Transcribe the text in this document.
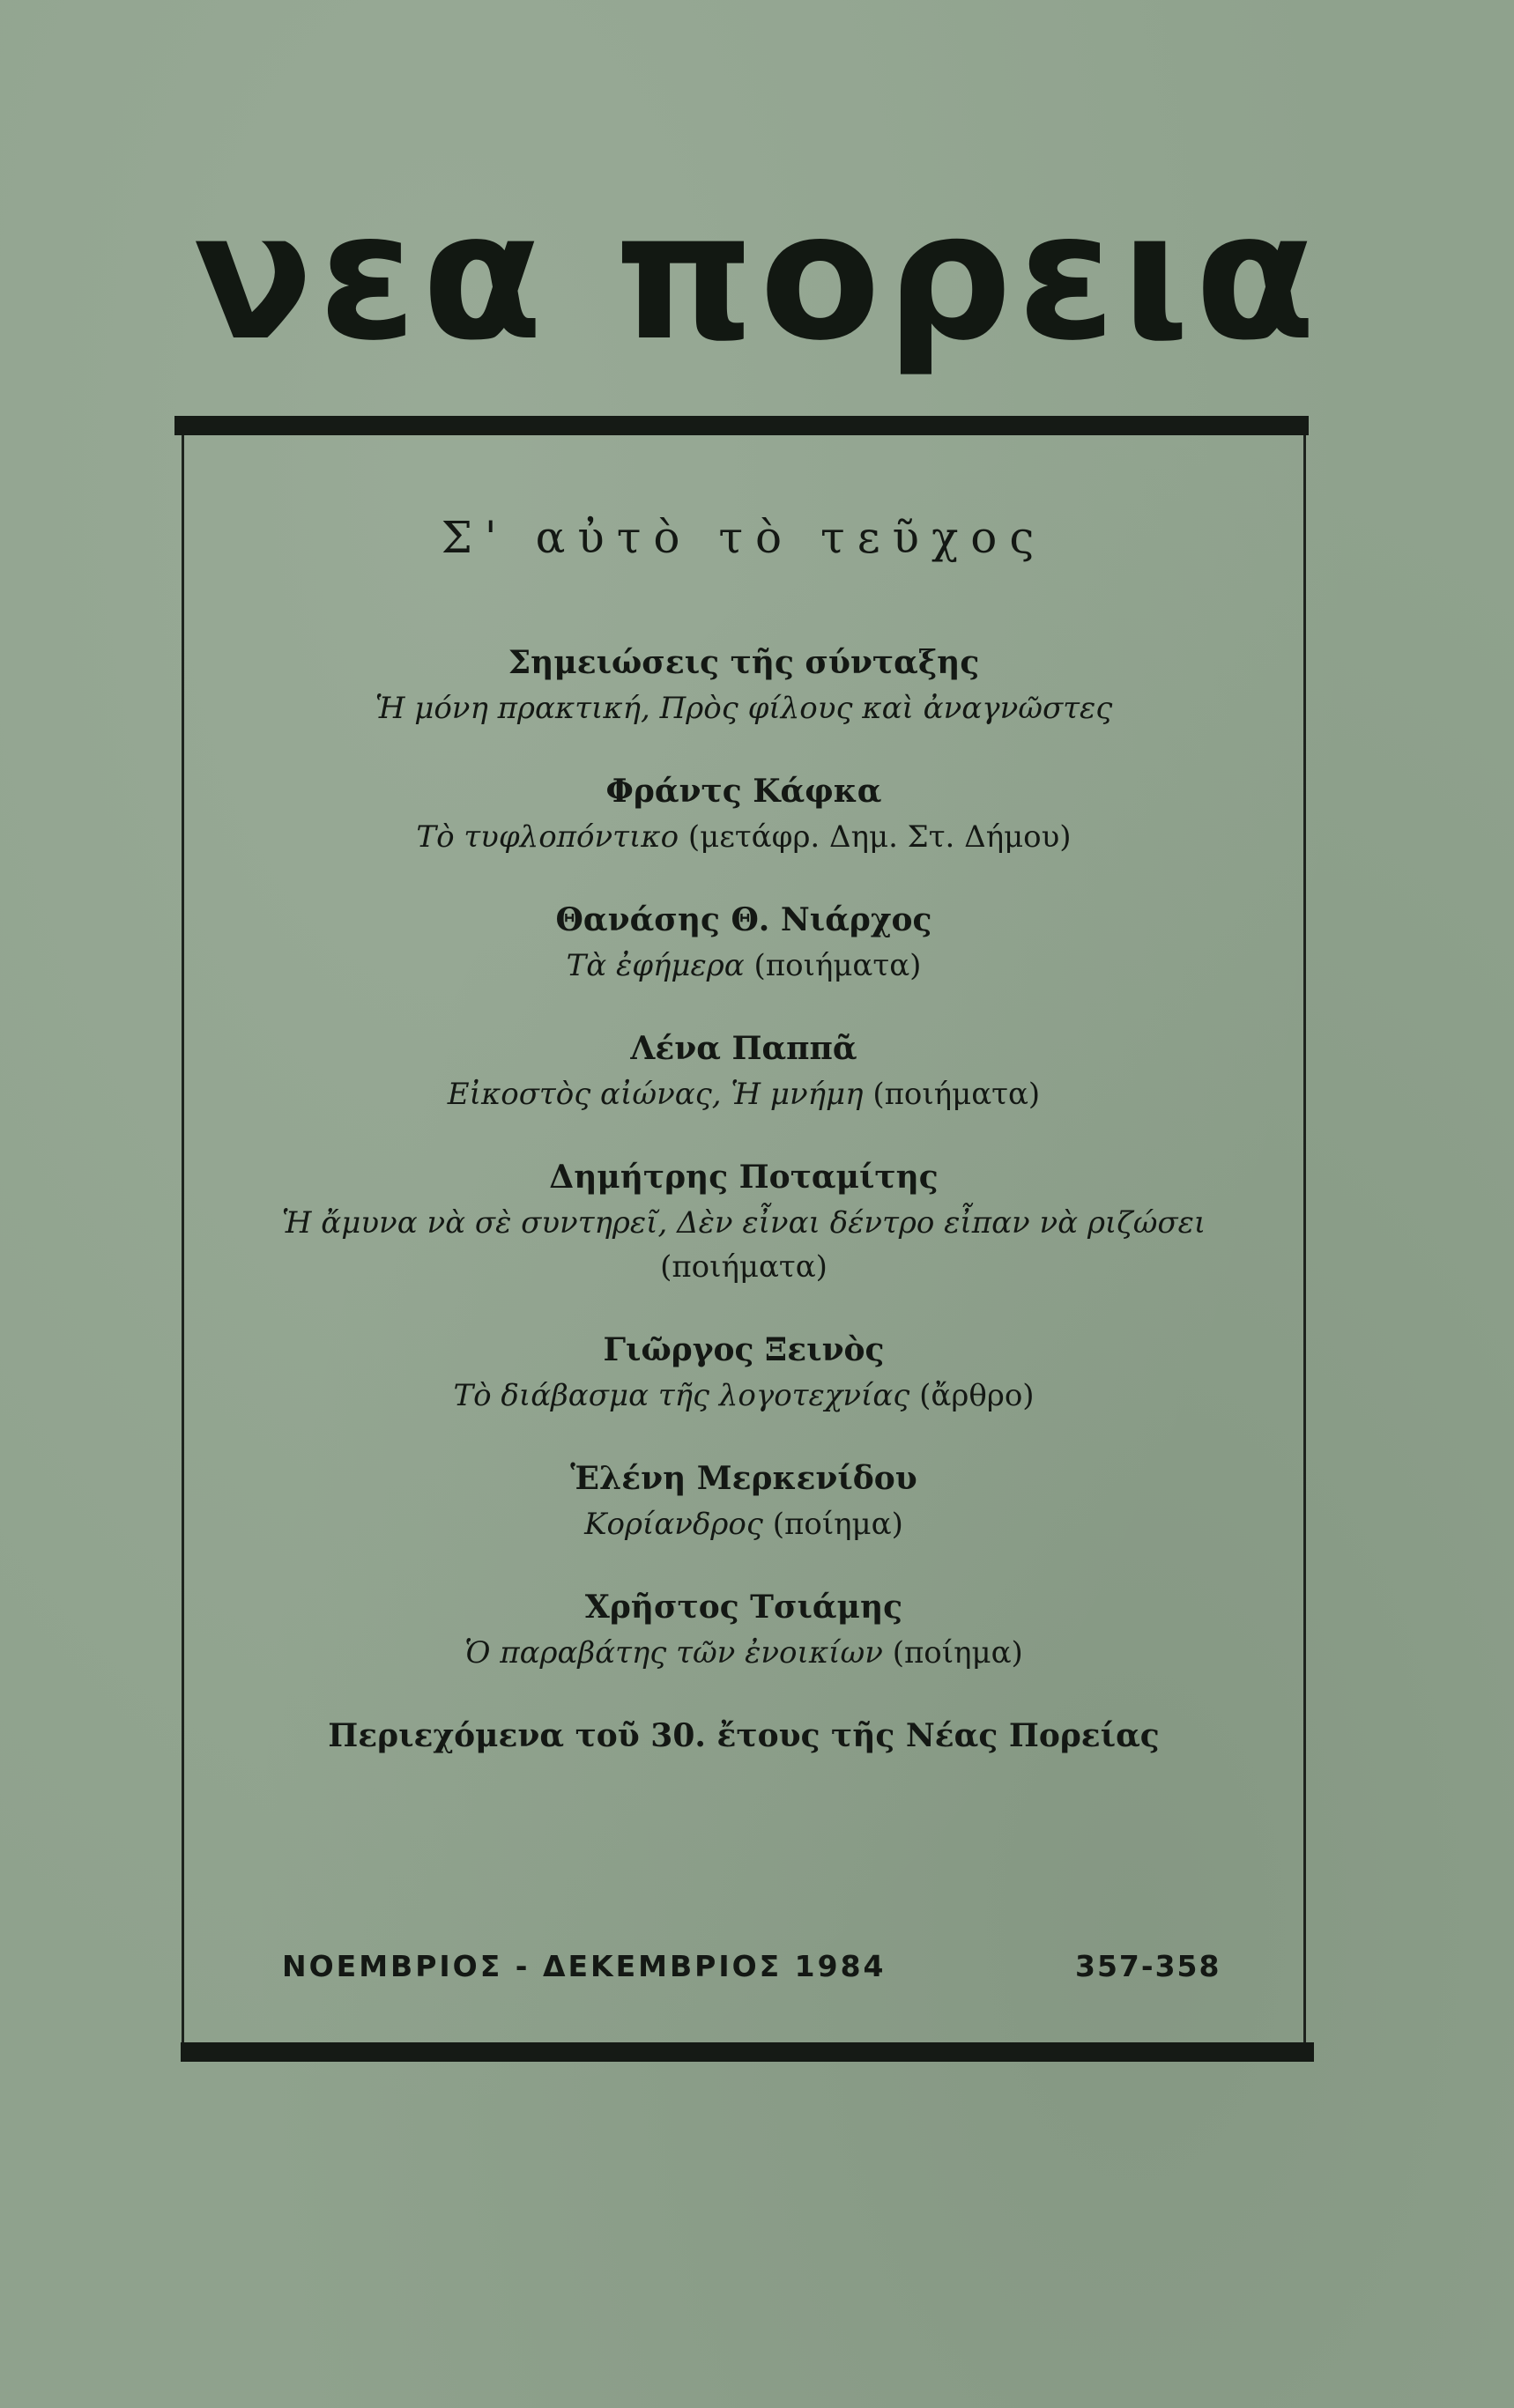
νεα πορεια
Σ' αὐτὸ τὸ τεῦχος
Σημειώσεις τῆς σύνταξης
Ἡ μόνη πρακτική, Πρὸς φίλους καὶ ἀναγνῶστες
Φράντς Κάφκα
Τὸ τυφλοπόντικο (μετάφρ. Δημ. Στ. Δήμου)
Θανάσης Θ. Νιάρχος
Τὰ ἐφήμερα (ποιήματα)
Λένα Παππᾶ
Εἰκοστὸς αἰώνας, Ἡ μνήμη (ποιήματα)
Δημήτρης Ποταμίτης
Ἡ ἄμυνα νὰ σὲ συντηρεῖ, Δὲν εἶναι δέντρο εἶπαν νὰ ριζώσει
(ποιήματα)
Γιῶργος Ξεινὸς
Τὸ διάβασμα τῆς λογοτεχνίας (ἄρθρο)
Ἑλένη Μερκενίδου
Κορίανδρος (ποίημα)
Χρῆστος Τσιάμης
Ὁ παραβάτης τῶν ἐνοικίων (ποίημα)
Περιεχόμενα τοῦ 30. ἔτους τῆς Νέας Πορείας
ΝΟΕΜΒΡΙΟΣ - ΔΕΚΕΜΒΡΙΟΣ 1984	357-358
